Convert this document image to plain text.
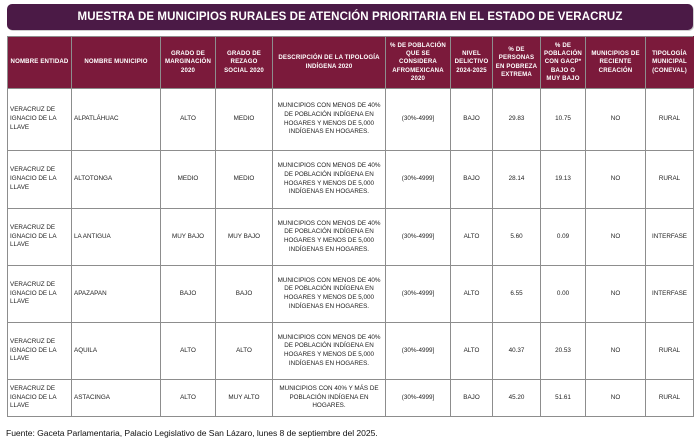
MUESTRA DE MUNICIPIOS RURALES DE ATENCIÓN PRIORITARIA EN EL ESTADO DE VERACRUZ
NOMBRE ENTIDAD	NOMBRE MUNICIPIO	GRADO DE MARGINACIÓN 2020	GRADO DE REZAGO SOCIAL 2020	DESCRIPCIÓN DE LA TIPOLOGÍA INDÍGENA 2020	% DE POBLACIÓN QUE SE CONSIDERA AFROMEXICANA 2020	NIVEL DELICTIVO 2024-2025	% DE PERSONAS EN POBREZA EXTREMA	% DE POBLACIÓN CON GACP* BAJO O MUY BAJO	MUNICIPIOS DE RECIENTE CREACIÓN	TIPOLOGÍA MUNICIPAL (CONEVAL)
VERACRUZ DE IGNACIO DE LA LLAVE	ALPATLÁHUAC	ALTO	MEDIO	MUNICIPIOS CON MENOS DE 40% DE POBLACIÓN INDÍGENA EN HOGARES Y MENOS DE 5,000 INDÍGENAS EN HOGARES.	(30%-4999]	BAJO	29.83	10.75	NO	RURAL
VERACRUZ DE IGNACIO DE LA LLAVE	ALTOTONGA	MEDIO	MEDIO	MUNICIPIOS CON MENOS DE 40% DE POBLACIÓN INDÍGENA EN HOGARES Y MENOS DE 5,000 INDÍGENAS EN HOGARES.	(30%-4999]	BAJO	28.14	19.13	NO	RURAL
VERACRUZ DE IGNACIO DE LA LLAVE	LA ANTIGUA	MUY BAJO	MUY BAJO	MUNICIPIOS CON MENOS DE 40% DE POBLACIÓN INDÍGENA EN HOGARES Y MENOS DE 5,000 INDÍGENAS EN HOGARES.	(30%-4999]	ALTO	5.60	0.09	NO	INTERFASE
VERACRUZ DE IGNACIO DE LA LLAVE	APAZAPAN	BAJO	BAJO	MUNICIPIOS CON MENOS DE 40% DE POBLACIÓN INDÍGENA EN HOGARES Y MENOS DE 5,000 INDÍGENAS EN HOGARES.	(30%-4999]	ALTO	6.55	0.00	NO	INTERFASE
VERACRUZ DE IGNACIO DE LA LLAVE	AQUILA	ALTO	ALTO	MUNICIPIOS CON MENOS DE 40% DE POBLACIÓN INDÍGENA EN HOGARES Y MENOS DE 5,000 INDÍGENAS EN HOGARES.	(30%-4999]	ALTO	40.37	20.53	NO	RURAL
VERACRUZ DE IGNACIO DE LA LLAVE	ASTACINGA	ALTO	MUY ALTO	MUNICIPIOS CON 40% Y MÁS DE POBLACIÓN INDÍGENA EN HOGARES.	(30%-4999]	BAJO	45.20	51.61	NO	RURAL
Fuente: Gaceta Parlamentaria, Palacio Legislativo de San Lázaro, lunes 8 de septiembre del 2025.
